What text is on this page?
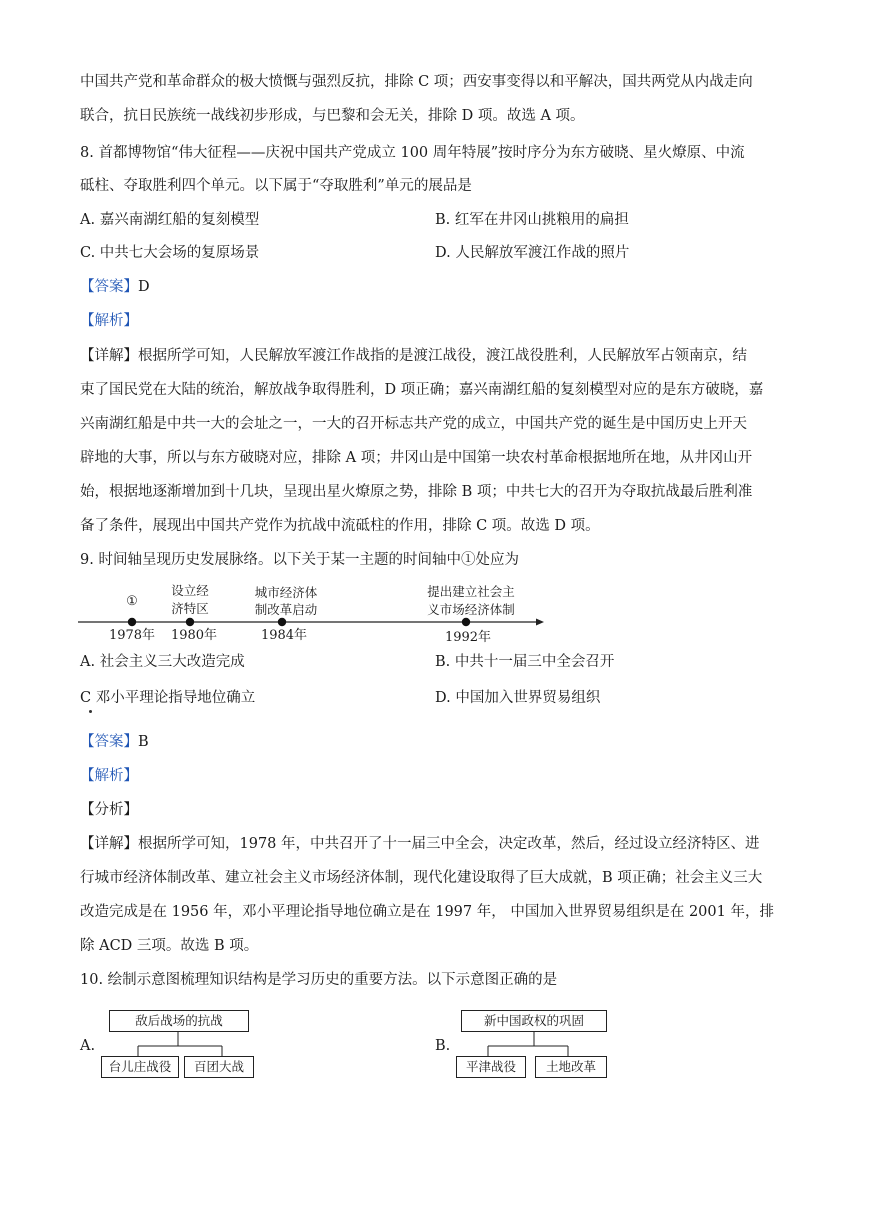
中国共产党和革命群众的极大愤慨与强烈反抗，排除 C 项；西安事变得以和平解决，国共两党从内战走向
联合，抗日民族统一战线初步形成，与巴黎和会无关，排除 D 项。故选 A 项。
8. 首都博物馆“伟大征程——庆祝中国共产党成立 100 周年特展”按时序分为东方破晓、星火燎原、中流
砥柱、夺取胜利四个单元。以下属于“夺取胜利”单元的展品是
A. 嘉兴南湖红船的复刻模型	B. 红军在井冈山挑粮用的扁担
C. 中共七大会场的复原场景	D. 人民解放军渡江作战的照片
【答案】D
【解析】
【详解】根据所学可知，人民解放军渡江作战指的是渡江战役，渡江战役胜利，人民解放军占领南京，结
束了国民党在大陆的统治，解放战争取得胜利，D 项正确；嘉兴南湖红船的复刻模型对应的是东方破晓，嘉
兴南湖红船是中共一大的会址之一，一大的召开标志共产党的成立，中国共产党的诞生是中国历史上开天
辟地的大事，所以与东方破晓对应，排除 A 项；井冈山是中国第一块农村革命根据地所在地，从井冈山开
始，根据地逐渐增加到十几块，呈现出星火燎原之势，排除 B 项；中共七大的召开为夺取抗战最后胜利准
备了条件，展现出中国共产党作为抗战中流砥柱的作用，排除 C 项。故选 D 项。
9. 时间轴呈现历史发展脉络。以下关于某一主题的时间轴中①处应为
①
设立经
济特区
城市经济体
制改革启动
提出建立社会主
义市场经济体制
1978年 1980年	1984年	1992年
A. 社会主义三大改造完成	B. 中共十一届三中全会召开
C 邓小平理论指导地位确立	D. 中国加入世界贸易组织
【答案】B
【解析】
【分析】
【详解】根据所学可知，1978 年，中共召开了十一届三中全会，决定改革，然后，经过设立经济特区、进
行城市经济体制改革、建立社会主义市场经济体制，现代化建设取得了巨大成就，B 项正确；社会主义三大
改造完成是在 1956 年，邓小平理论指导地位确立是在 1997 年， 中国加入世界贸易组织是在 2001 年，排
除 ACD 三项。故选 B 项。
10. 绘制示意图梳理知识结构是学习历史的重要方法。以下示意图正确的是
A.
敌后战场的抗战
台儿庄战役	百团大战
B.
新中国政权的巩固
平津战役	土地改革
